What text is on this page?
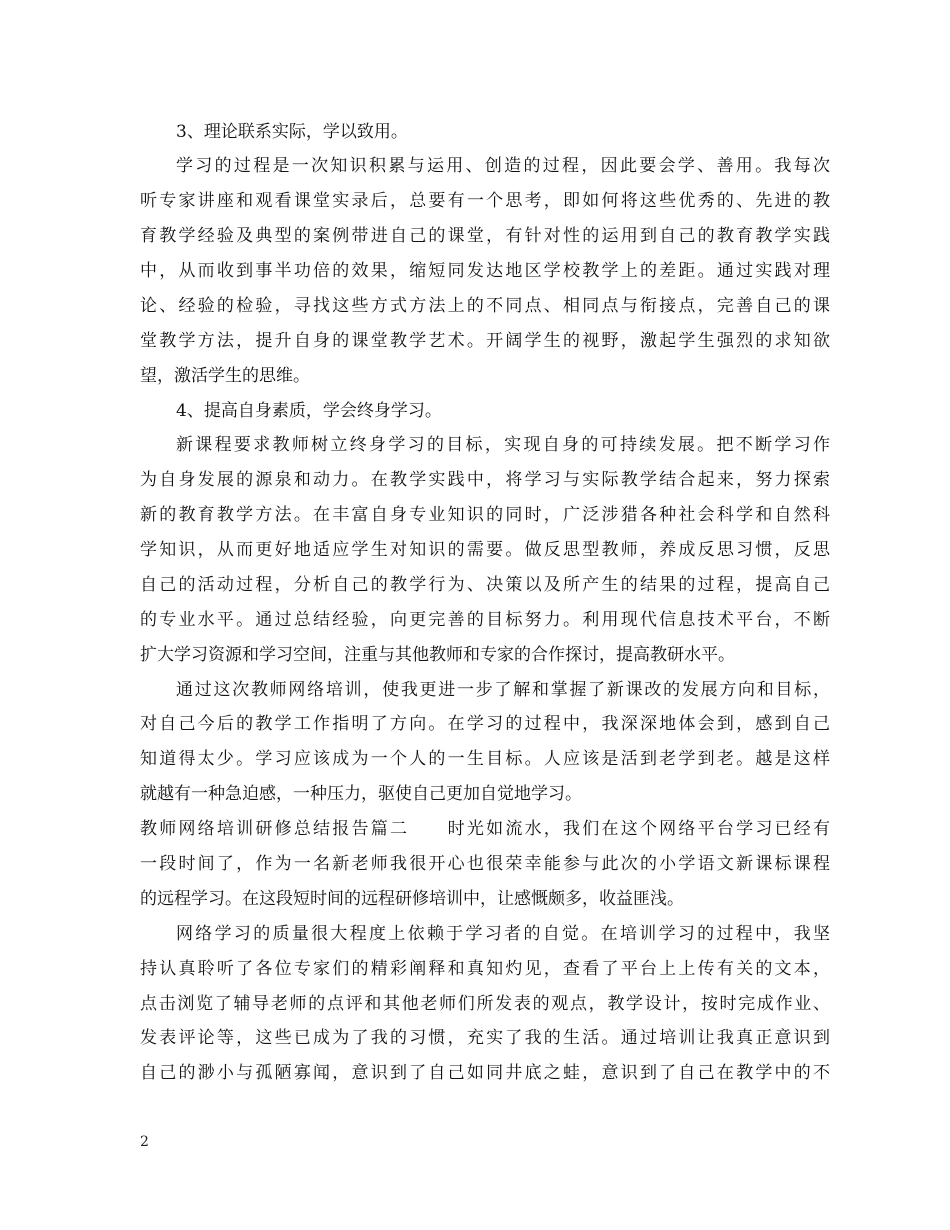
3、理论联系实际，学以致用。
学习的过程是一次知识积累与运用、创造的过程，因此要会学、善用。我每次
听专家讲座和观看课堂实录后，总要有一个思考，即如何将这些优秀的、先进的教
育教学经验及典型的案例带进自己的课堂，有针对性的运用到自己的教育教学实践
中，从而收到事半功倍的效果，缩短同发达地区学校教学上的差距。通过实践对理
论、经验的检验，寻找这些方式方法上的不同点、相同点与衔接点，完善自己的课
堂教学方法，提升自身的课堂教学艺术。开阔学生的视野，激起学生强烈的求知欲
望，激活学生的思维。
4、提高自身素质，学会终身学习。
新课程要求教师树立终身学习的目标，实现自身的可持续发展。把不断学习作
为自身发展的源泉和动力。在教学实践中，将学习与实际教学结合起来，努力探索
新的教育教学方法。在丰富自身专业知识的同时，广泛涉猎各种社会科学和自然科
学知识，从而更好地适应学生对知识的需要。做反思型教师，养成反思习惯，反思
自己的活动过程，分析自己的教学行为、决策以及所产生的结果的过程，提高自己
的专业水平。通过总结经验，向更完善的目标努力。利用现代信息技术平台，不断
扩大学习资源和学习空间，注重与其他教师和专家的合作探讨，提高教研水平。
通过这次教师网络培训，使我更进一步了解和掌握了新课改的发展方向和目标，
对自己今后的教学工作指明了方向。在学习的过程中，我深深地体会到，感到自己
知道得太少。学习应该成为一个人的一生目标。人应该是活到老学到老。越是这样
就越有一种急迫感，一种压力，驱使自己更加自觉地学习。
教师网络培训研修总结报告篇二　　时光如流水，我们在这个网络平台学习已经有
一段时间了，作为一名新老师我很开心也很荣幸能参与此次的小学语文新课标课程
的远程学习。在这段短时间的远程研修培训中，让感慨颇多，收益匪浅。
网络学习的质量很大程度上依赖于学习者的自觉。在培训学习的过程中，我坚
持认真聆听了各位专家们的精彩阐释和真知灼见，查看了平台上上传有关的文本，
点击浏览了辅导老师的点评和其他老师们所发表的观点，教学设计，按时完成作业、
发表评论等，这些已成为了我的习惯，充实了我的生活。通过培训让我真正意识到
自己的渺小与孤陋寡闻，意识到了自己如同井底之蛙，意识到了自己在教学中的不
2
